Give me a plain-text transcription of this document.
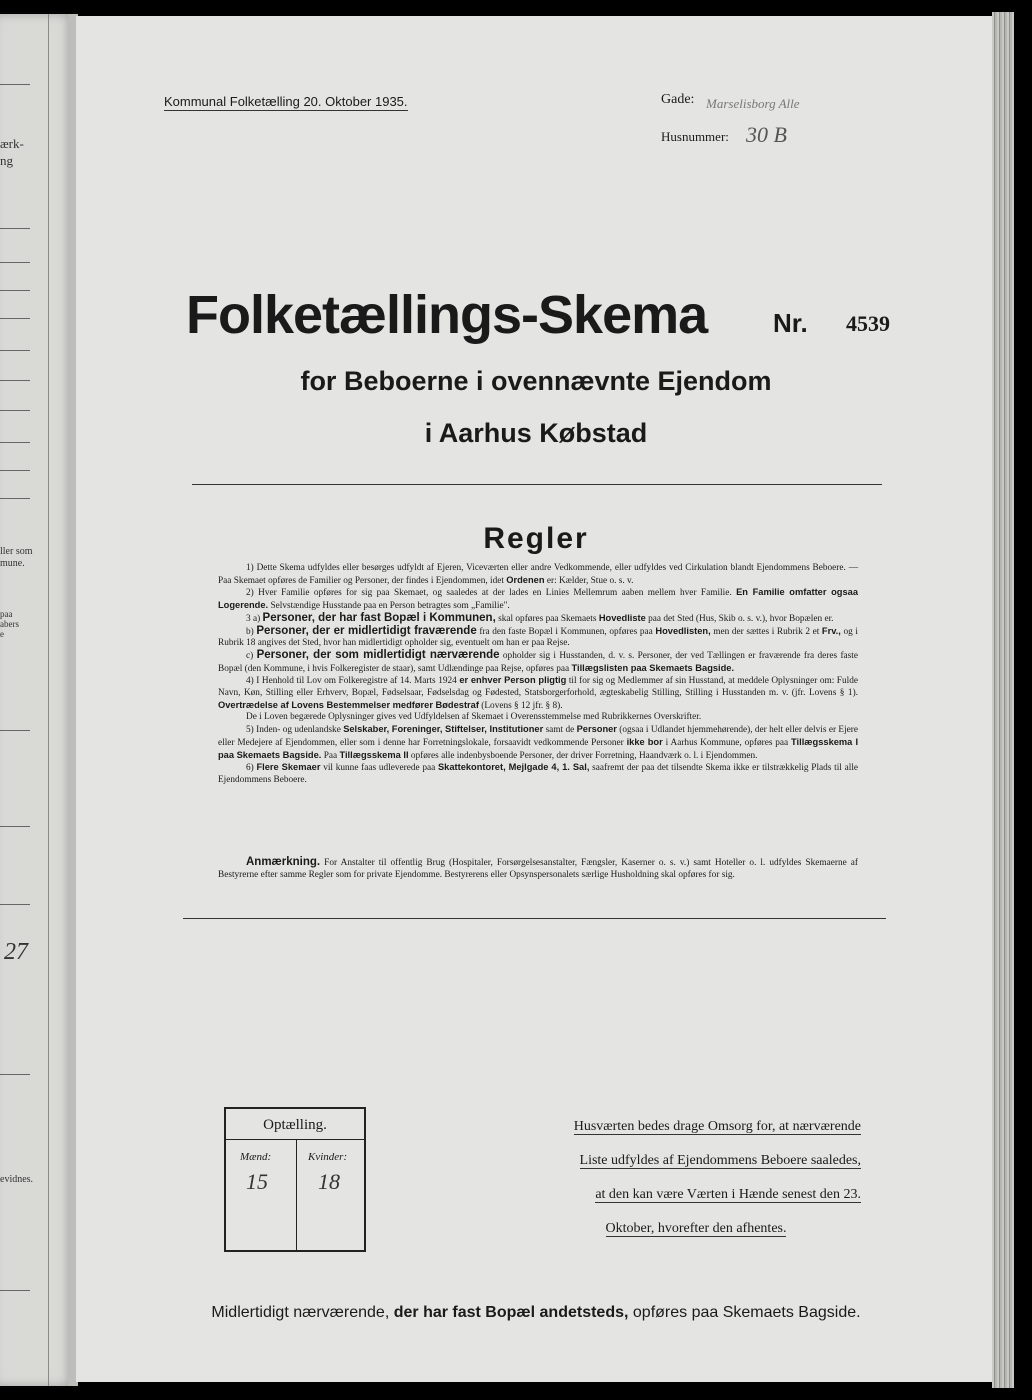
ærk-
ng
ller som
mune.
paa
abers
e
27
evidnes.
Kommunal Folketælling 20. Oktober 1935.	Gade: Marselisborg Alle
Husnummer: 30 B
Folketællings-Skema	Nr. 4539
for Beboerne i ovennævnte Ejendom
i Aarhus Købstad
Regler

1) Dette Skema udfyldes eller besørges udfyldt af Ejeren, Viceværten eller andre Vedkommende, eller udfyldes ved Cirkulation blandt Ejendommens Beboere. — Paa Skemaet opføres de Familier og Personer, der findes i Ejendommen, idet Ordenen er: Kælder, Stue o. s. v.

2) Hver Familie opføres for sig paa Skemaet, og saaledes at der lades en Linies Mellemrum aaben mellem hver Familie. En Familie omfatter ogsaa Logerende. Selvstændige Husstande paa en Person betragtes som „Familie".

3 a) Personer, der har fast Bopæl i Kommunen, skal opføres paa Skemaets Hovedliste paa det Sted (Hus, Skib o. s. v.), hvor Bopælen er.

b) Personer, der er midlertidigt fraværende fra den faste Bopæl i Kommunen, opføres paa Hovedlisten, men der sættes i Rubrik 2 et Frv., og i Rubrik 18 angives det Sted, hvor han midlertidigt opholder sig, eventuelt om han er paa Rejse.

c) Personer, der som midlertidigt nærværende opholder sig i Husstanden, d. v. s. Personer, der ved Tællingen er fraværende fra deres faste Bopæl (den Kommune, i hvis Folkeregister de staar), samt Udlændinge paa Rejse, opføres paa Tillægslisten paa Skemaets Bagside.

4) I Henhold til Lov om Folkeregistre af 14. Marts 1924 er enhver Person pligtig til for sig og Medlemmer af sin Husstand, at meddele Oplysninger om: Fulde Navn, Køn, Stilling eller Erhverv, Bopæl, Fødselsaar, Fødselsdag og Fødested, Statsborgerforhold, ægteskabelig Stilling, Stilling i Husstanden m. v. (jfr. Lovens § 1). Overtrædelse af Lovens Bestemmelser medfører Bødestraf (Lovens § 12 jfr. § 8).

De i Loven begærede Oplysninger gives ved Udfyldelsen af Skemaet i Overensstemmelse med Rubrikkernes Overskrifter.

5) Inden- og udenlandske Selskaber, Foreninger, Stiftelser, Institutioner samt de Personer (ogsaa i Udlandet hjemmehørende), der helt eller delvis er Ejere eller Medejere af Ejendommen, eller som i denne har Forretningslokale, forsaavidt vedkommende Personer ikke bor i Aarhus Kommune, opføres paa Tillægsskema I paa Skemaets Bagside. Paa Tillægsskema II opføres alle indenbysboende Personer, der driver Forretning, Haandværk o. l. i Ejendommen.

6) Flere Skemaer vil kunne faas udleverede paa Skattekontoret, Mejlgade 4, 1. Sal, saafremt der paa det tilsendte Skema ikke er tilstrækkelig Plads til alle Ejendommens Beboere.

Anmærkning. For Anstalter til offentlig Brug (Hospitaler, Forsørgelsesanstalter, Fængsler, Kaserner o. s. v.) samt Hoteller o. l. udfyldes Skemaerne af Bestyrerne efter samme Regler som for private Ejendomme. Bestyrerens eller Opsynspersonalets særlige Husholdning skal opføres for sig.
Optælling.
Mænd:	Kvinder:
15 18
Husværten bedes drage Omsorg for, at nærværende
Liste udfyldes af Ejendommens Beboere saaledes,
at den kan være Værten i Hænde senest den 23.
Oktober, hvorefter den afhentes.
Midlertidigt nærværende, der har fast Bopæl andetsteds, opføres paa Skemaets Bagside.
